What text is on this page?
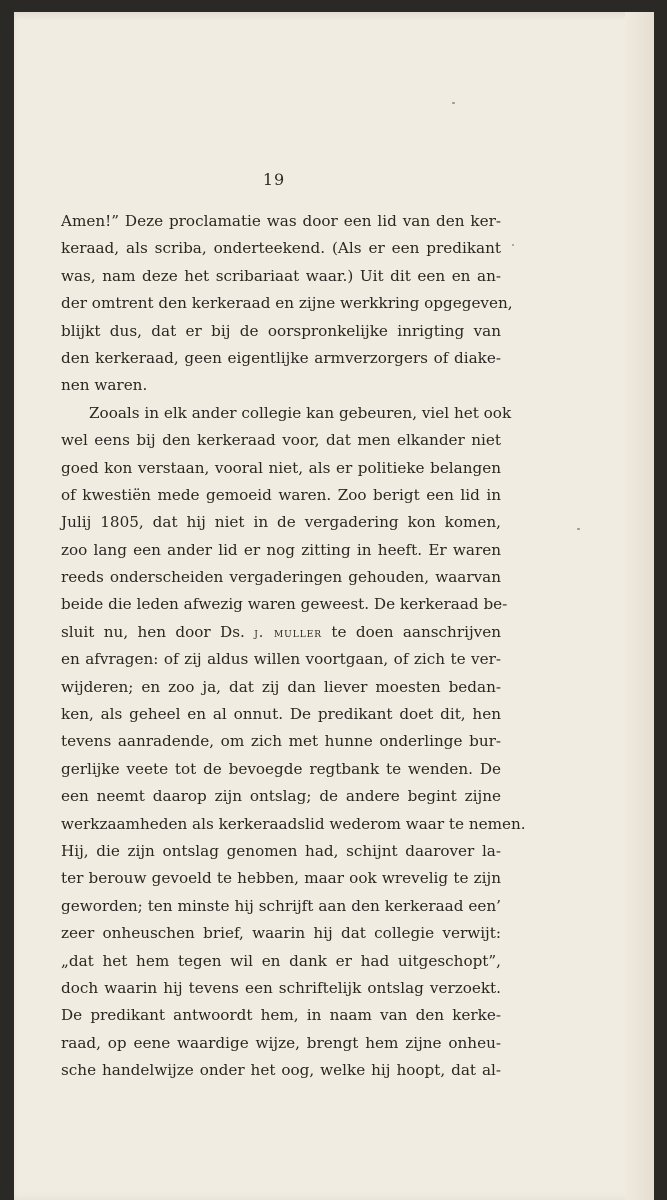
19
Amen!” Deze proclamatie was door een lid van den ker-
keraad, als scriba, onderteekend. (Als er een predikant
was, nam deze het scribariaat waar.) Uit dit een en an-
der omtrent den kerkeraad en zijne werkkring opgegeven,
blijkt dus, dat er bij de oorspronkelijke inrigting van
den kerkeraad, geen eigentlijke armverzorgers of diake-
nen waren.
Zooals in elk ander collegie kan gebeuren, viel het ook
wel eens bij den kerkeraad voor, dat men elkander niet
goed kon verstaan, vooral niet, als er politieke belangen
of kwestiën mede gemoeid waren. Zoo berigt een lid in
Julij 1805, dat hij niet in de vergadering kon komen,
zoo lang een ander lid er nog zitting in heeft. Er waren
reeds onderscheiden vergaderingen gehouden, waarvan
beide die leden afwezig waren geweest. De kerkeraad be-
sluit nu, hen door Ds. j. muller te doen aanschrijven
en afvragen: of zij aldus willen voortgaan, of zich te ver-
wijderen; en zoo ja, dat zij dan liever moesten bedan-
ken, als geheel en al onnut. De predikant doet dit, hen
tevens aanradende, om zich met hunne onderlinge bur-
gerlijke veete tot de bevoegde regtbank te wenden. De
een neemt daarop zijn ontslag; de andere begint zijne
werkzaamheden als kerkeraadslid wederom waar te nemen.
Hij, die zijn ontslag genomen had, schijnt daarover la-
ter berouw gevoeld te hebben, maar ook wrevelig te zijn
geworden; ten minste hij schrijft aan den kerkeraad een’
zeer onheuschen brief, waarin hij dat collegie verwijt:
„dat het hem tegen wil en dank er had uitgeschopt”,
doch waarin hij tevens een schriftelijk ontslag verzoekt.
De predikant antwoordt hem, in naam van den kerke-
raad, op eene waardige wijze, brengt hem zijne onheu-
sche handelwijze onder het oog, welke hij hoopt, dat al-
